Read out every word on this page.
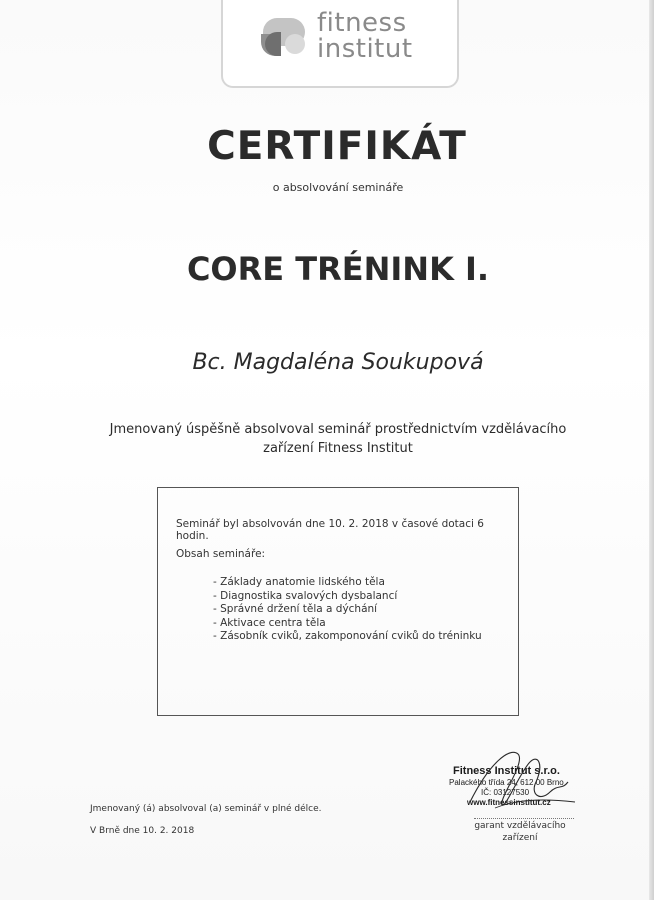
fitness
institut
CERTIFIKÁT
o absolvování semináře
CORE TRÉNINK I.
Bc. Magdaléna Soukupová
Jmenovaný úspěšně absolvoval seminář prostřednictvím vzdělávacího
zařízení Fitness Institut
Seminář byl absolvován dne 10. 2. 2018 v časové dotaci 6 hodin.
Obsah semináře:
- Základy anatomie lidského těla
- Diagnostika svalových dysbalancí
- Správné držení těla a dýchání
- Aktivace centra těla
- Zásobník cviků, zakomponování cviků do tréninku
Jmenovaný (á) absolvoval (a) seminář v plné délce.
V Brně dne 10. 2. 2018
Fitness Institut s.r.o.
Palackého třída 24, 612 00 Brno
IČ: 03127530
www.fitnessinstitut.cz
garant vzdělávacího
zařízení
